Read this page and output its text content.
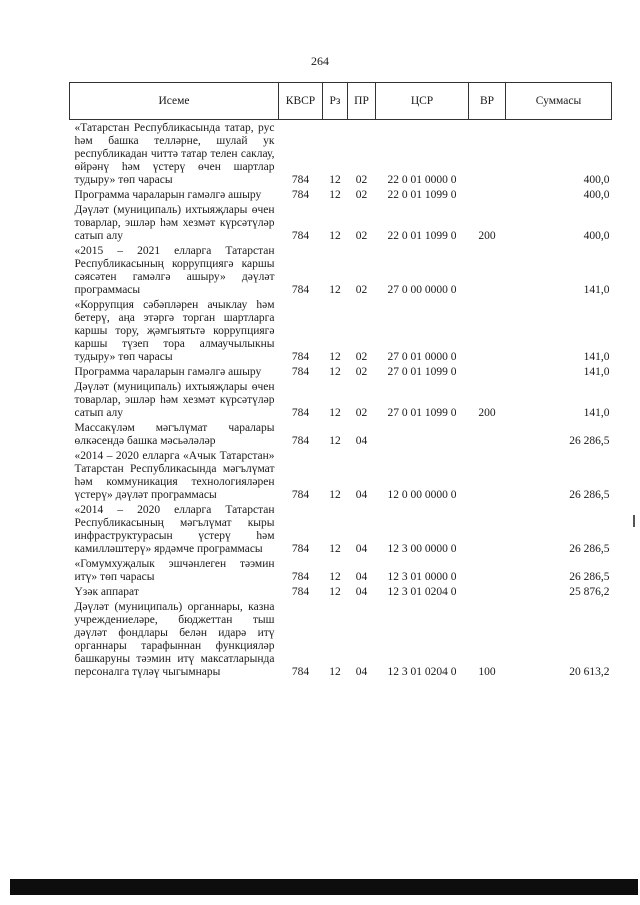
264
Исеме	КВСР	Рз	ПР	ЦСР	ВР	Суммасы
«Татарстан Республикасында татар, рус һәм башка телләрне, шулай ук республикадан читтә татар телен саклау, өйрәнү һәм үстерү өчен шартлар тудыру» төп чарасы	784	12	02	22 0 01 0000 0		400,0
Программа чараларын гамәлгә ашыру	784	12	02	22 0 01 1099 0		400,0
Дәүләт (муниципаль) ихтыяҗлары өчен товарлар, эшләр һәм хезмәт күрсәтүләр сатып алу	784	12	02	22 0 01 1099 0	200	400,0
«2015 – 2021 елларга Татарстан Республикасының коррупциягә каршы сәясәтен гамәлгә ашыру» дәүләт программасы	784	12	02	27 0 00 0000 0		141,0
«Коррупция сәбәпләрен ачыклау һәм бетерү, аңа этәргә торган шартларга каршы тору, җәмгыятьтә коррупциягә каршы түзеп тора алмаучылыкны тудыру» төп чарасы	784	12	02	27 0 01 0000 0		141,0
Программа чараларын гамәлгә ашыру	784	12	02	27 0 01 1099 0		141,0
Дәүләт (муниципаль) ихтыяҗлары өчен товарлар, эшләр һәм хезмәт күрсәтүләр сатып алу	784	12	02	27 0 01 1099 0	200	141,0
Массакүләм мәгълүмат чаралары өлкәсендә башка мәсьәләләр	784	12	04			26 286,5
«2014 – 2020 елларга «Ачык Татарстан» Татарстан Республикасында мәгълүмат һәм коммуникация технологияләрен үстерү» дәүләт программасы	784	12	04	12 0 00 0000 0		26 286,5
«2014 – 2020 елларга Татарстан Республикасының мәгълүмат кыры инфраструктурасын үстерү һәм камилләштерү» ярдәмче программасы	784	12	04	12 3 00 0000 0		26 286,5
«Гомумхуҗалык эшчәнлеген тәэмин итү» төп чарасы	784	12	04	12 3 01 0000 0		26 286,5
Үзәк аппарат	784	12	04	12 3 01 0204 0		25 876,2
Дәүләт (муниципаль) органнары, казна учреждениеләре, бюджеттан тыш дәүләт фондлары белән идарә итү органнары тарафыннан функцияләр башкаруны тәэмин итү максатларында персоналга түләү чыгымнары	784	12	04	12 3 01 0204 0	100	20 613,2
